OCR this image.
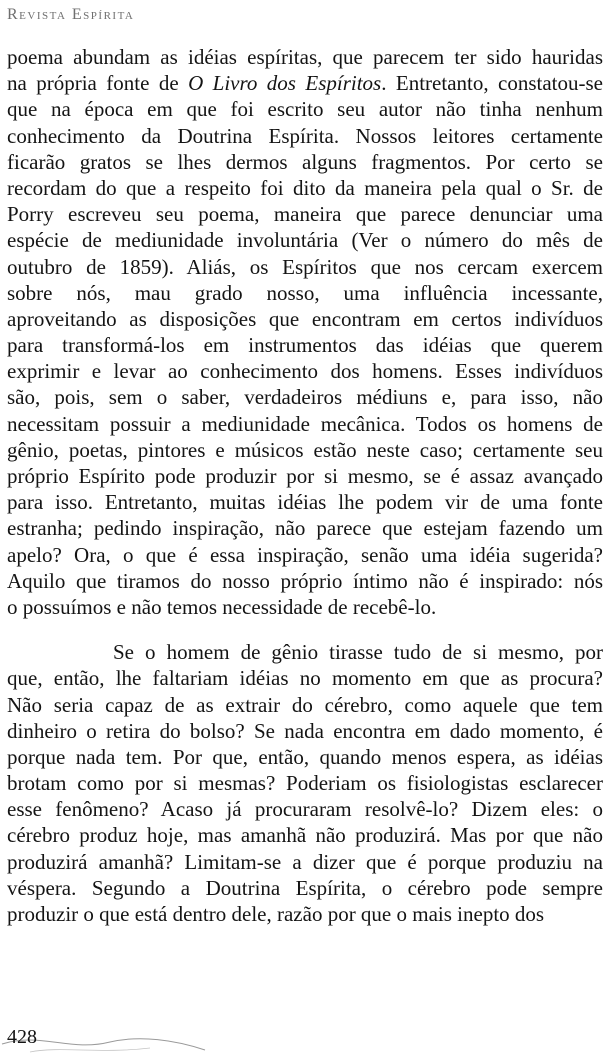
Revista Espírita
poema abundam as idéias espíritas, que parecem ter sido hauridas
na própria fonte de O Livro dos Espíritos. Entretanto, constatou-se
que na época em que foi escrito seu autor não tinha nenhum
conhecimento da Doutrina Espírita. Nossos leitores certamente
ficarão gratos se lhes dermos alguns fragmentos. Por certo se
recordam do que a respeito foi dito da maneira pela qual o Sr. de
Porry escreveu seu poema, maneira que parece denunciar uma
espécie de mediunidade involuntária (Ver o número do mês de
outubro de 1859). Aliás, os Espíritos que nos cercam exercem
sobre nós, mau grado nosso, uma influência incessante,
aproveitando as disposições que encontram em certos indivíduos
para transformá-los em instrumentos das idéias que querem
exprimir e levar ao conhecimento dos homens. Esses indivíduos
são, pois, sem o saber, verdadeiros médiuns e, para isso, não
necessitam possuir a mediunidade mecânica. Todos os homens de
gênio, poetas, pintores e músicos estão neste caso; certamente seu
próprio Espírito pode produzir por si mesmo, se é assaz avançado
para isso. Entretanto, muitas idéias lhe podem vir de uma fonte
estranha; pedindo inspiração, não parece que estejam fazendo um
apelo? Ora, o que é essa inspiração, senão uma idéia sugerida?
Aquilo que tiramos do nosso próprio íntimo não é inspirado: nós
o possuímos e não temos necessidade de recebê-lo.
Se o homem de gênio tirasse tudo de si mesmo, por
que, então, lhe faltariam idéias no momento em que as procura?
Não seria capaz de as extrair do cérebro, como aquele que tem
dinheiro o retira do bolso? Se nada encontra em dado momento, é
porque nada tem. Por que, então, quando menos espera, as idéias
brotam como por si mesmas? Poderiam os fisiologistas esclarecer
esse fenômeno? Acaso já procuraram resolvê-lo? Dizem eles: o
cérebro produz hoje, mas amanhã não produzirá. Mas por que não
produzirá amanhã? Limitam-se a dizer que é porque produziu na
véspera. Segundo a Doutrina Espírita, o cérebro pode sempre
produzir o que está dentro dele, razão por que o mais inepto dos
428
